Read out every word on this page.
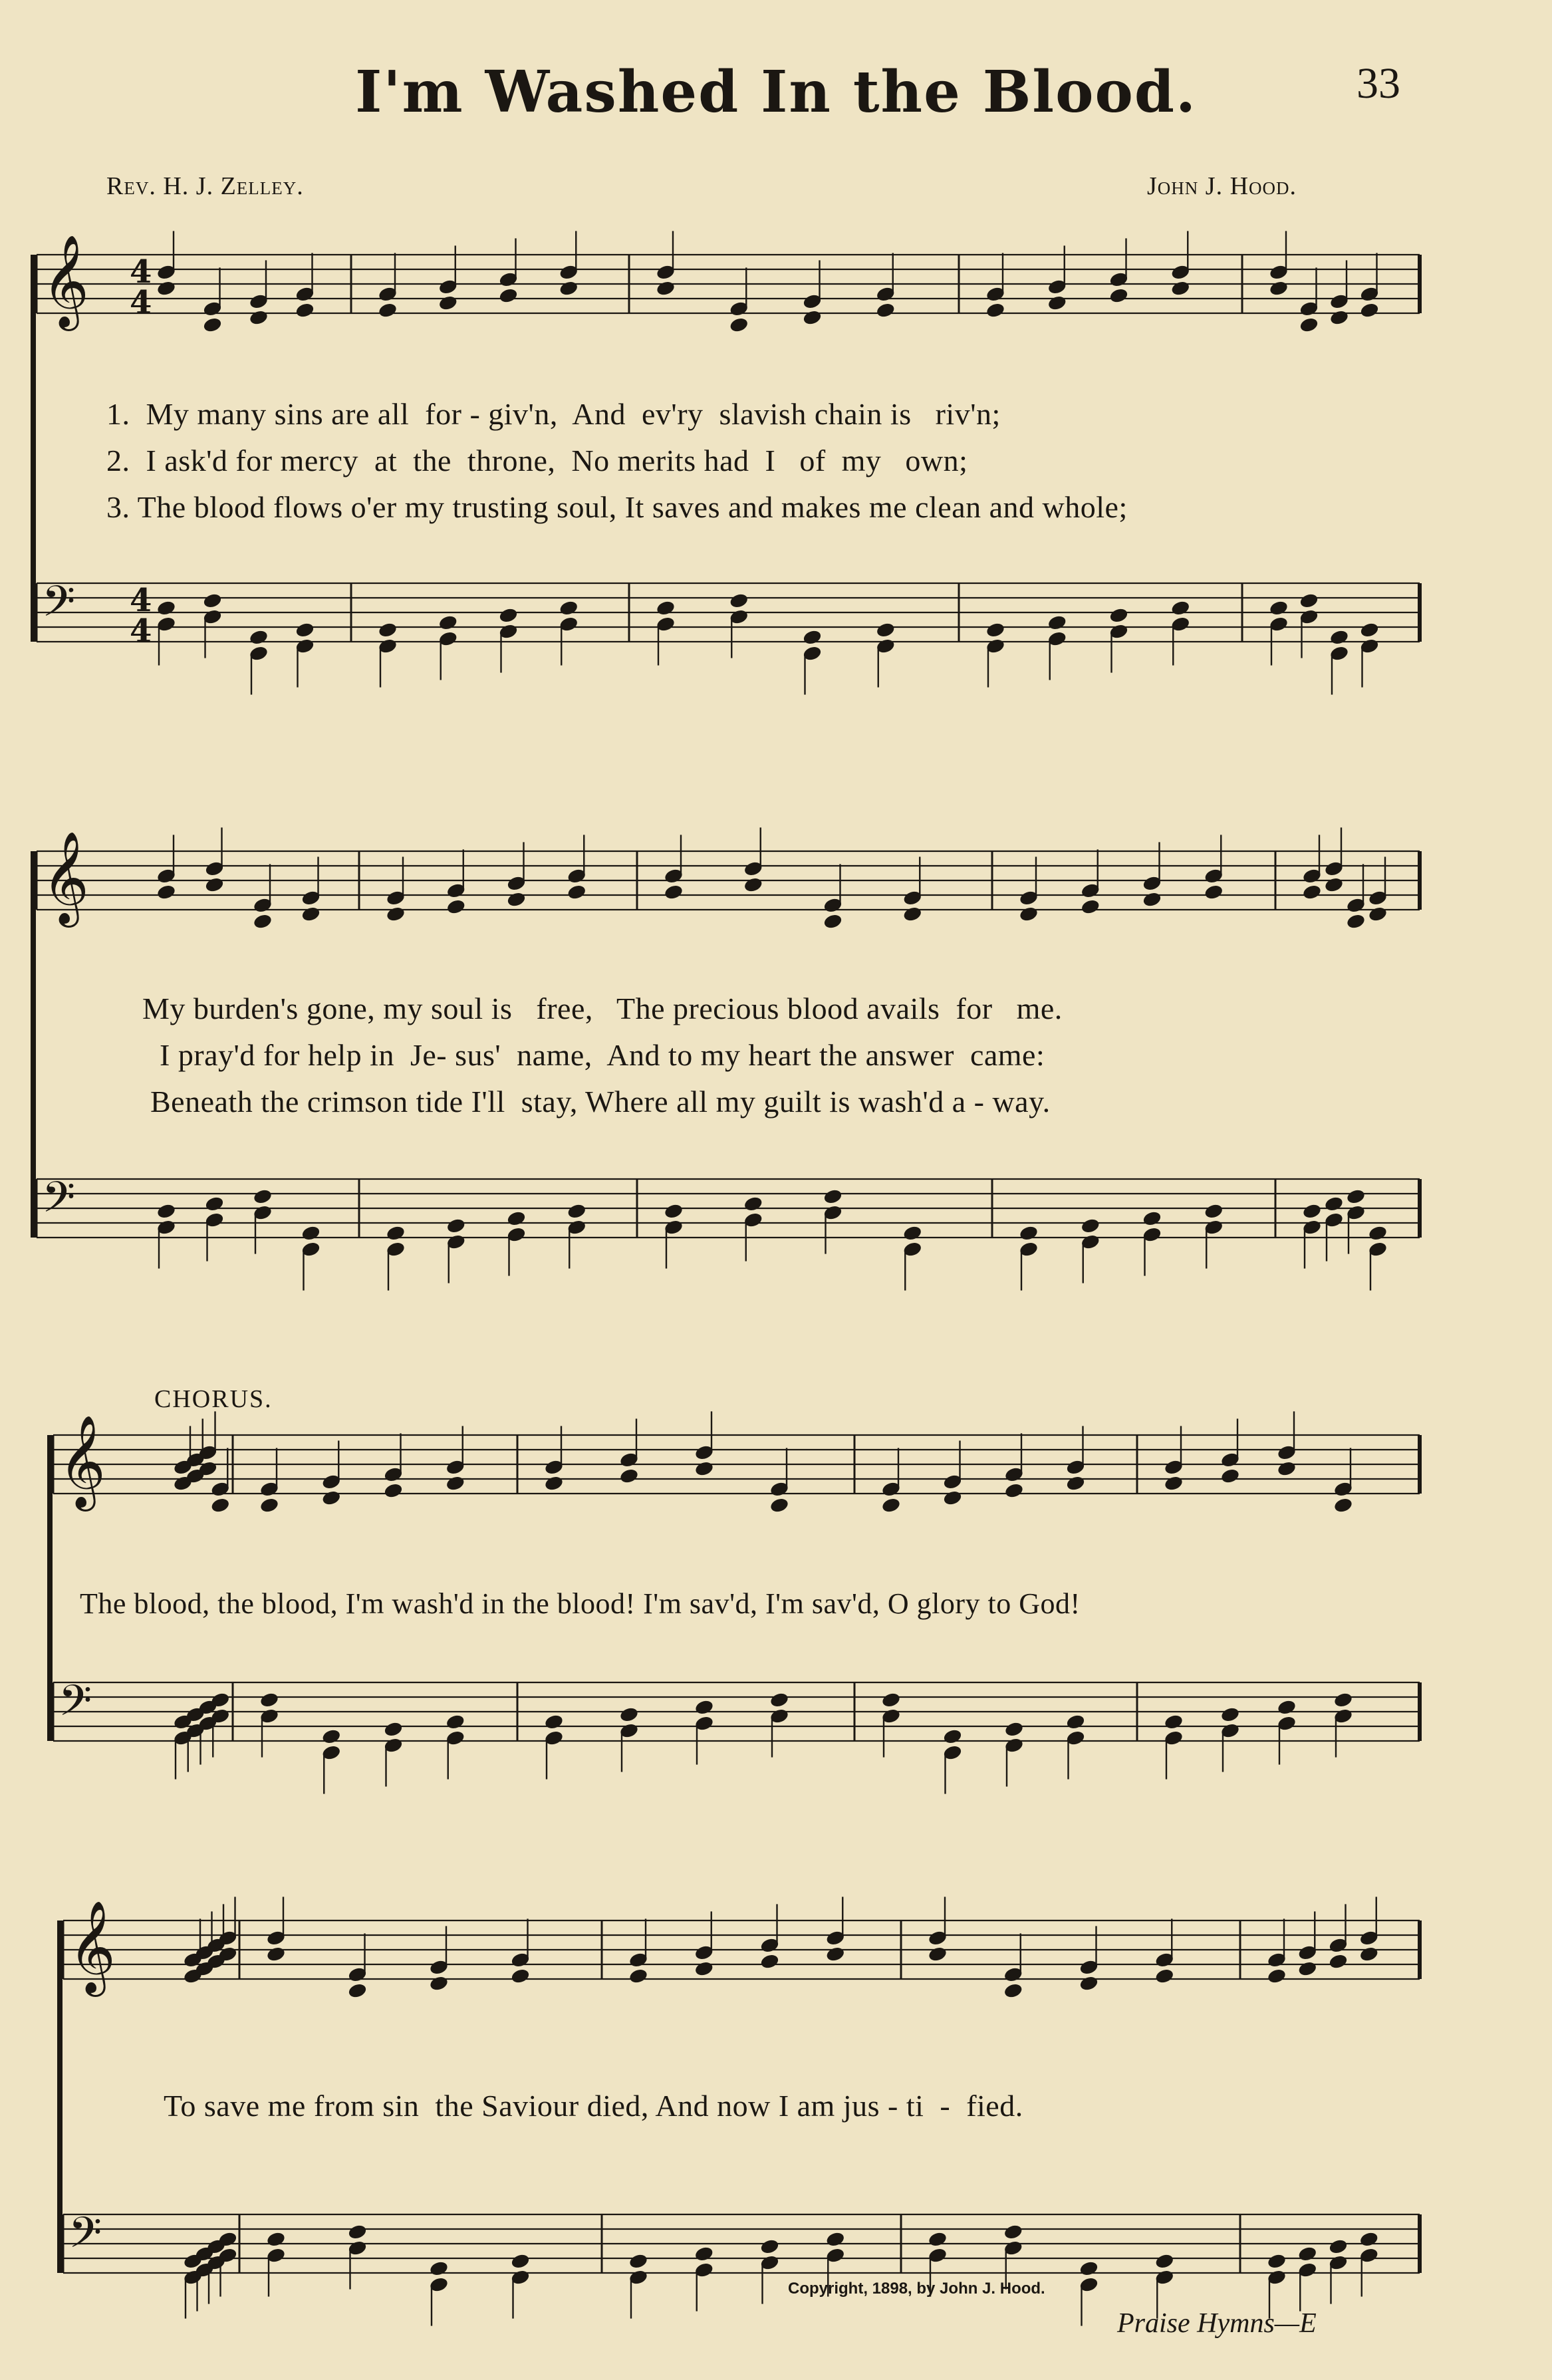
I'm Washed In the Blood.	33
Rev. H. J. Zelley.	John J. Hood.
𝄞
𝄢
𝄞
𝄢
𝄞
𝄢
𝄞
𝄢
4
4
4
4
1.  My many sins are all  for - giv'n,  And  ev'ry  slavish chain is   riv'n;
2.  I ask'd for mercy  at  the  throne,  No merits had  I   of  my   own;
3. The blood flows o'er my trusting soul, It saves and makes me clean and whole;
My burden's gone, my soul is   free,   The precious blood avails  for   me.
I pray'd for help in  Je- sus'  name,  And to my heart the answer  came:
Beneath the crimson tide I'll  stay, Where all my guilt is wash'd a - way.
CHORUS.
The blood, the blood, I'm wash'd in the blood! I'm sav'd, I'm sav'd, O glory to God!
To save me from sin  the Saviour died, And now I am jus - ti  -  fied.
Copyright, 1898, by John J. Hood.
Praise Hymns—E
